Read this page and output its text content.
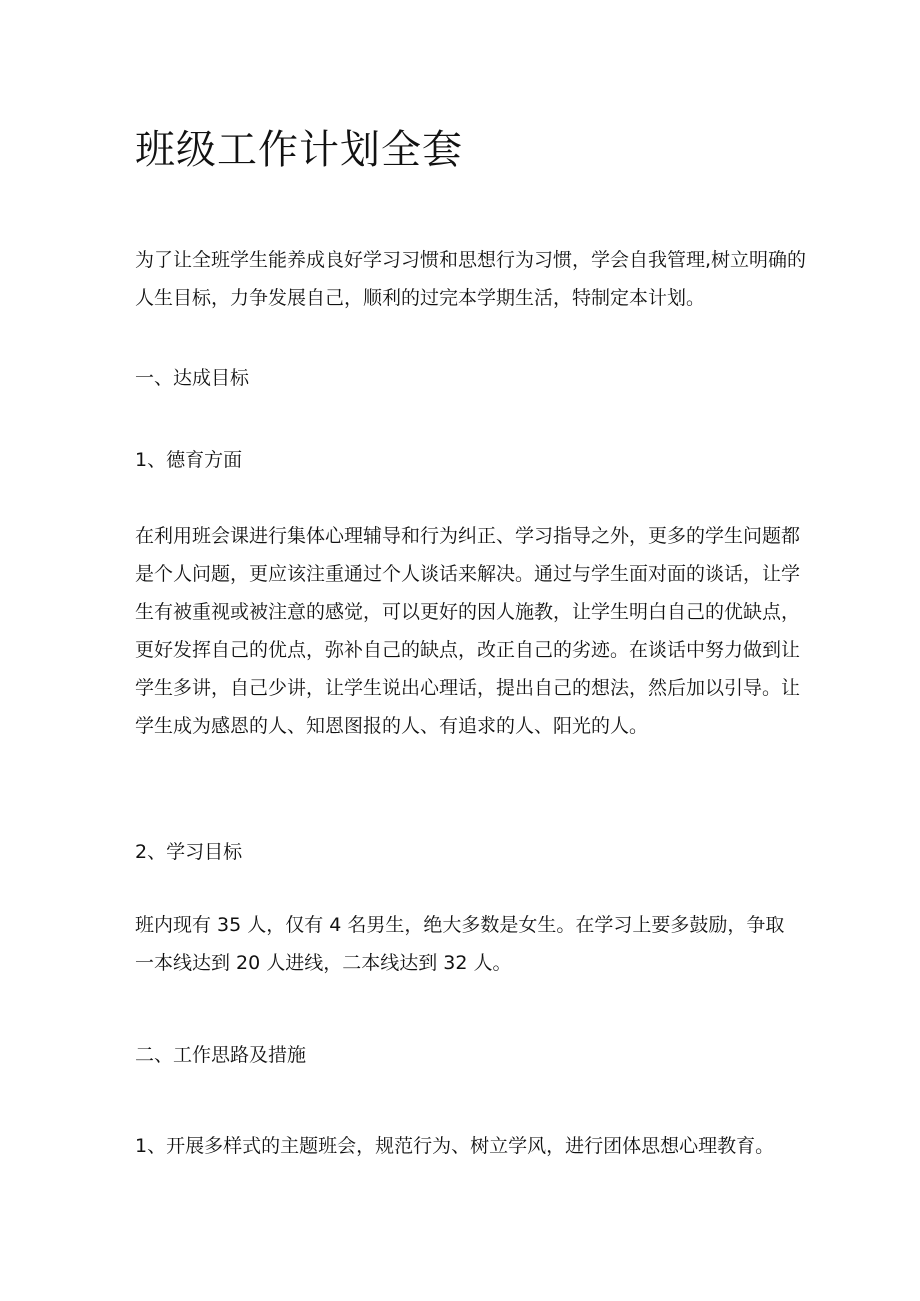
班级工作计划全套

为了让全班学生能养成良好学习习惯和思想行为习惯，学会自我管理,树立明确的
人生目标，力争发展自己，顺利的过完本学期生活，特制定本计划。

一、达成目标

1、德育方面

在利用班会课进行集体心理辅导和行为纠正、学习指导之外，更多的学生问题都
是个人问题，更应该注重通过个人谈话来解决。通过与学生面对面的谈话，让学
生有被重视或被注意的感觉，可以更好的因人施教，让学生明白自己的优缺点，
更好发挥自己的优点，弥补自己的缺点，改正自己的劣迹。在谈话中努力做到让
学生多讲，自己少讲，让学生说出心理话，提出自己的想法，然后加以引导。让
学生成为感恩的人、知恩图报的人、有追求的人、阳光的人。

2、学习目标

班内现有 35 人，仅有 4 名男生，绝大多数是女生。在学习上要多鼓励，争取
一本线达到 20 人进线，二本线达到 32 人。

二、工作思路及措施

1、开展多样式的主题班会，规范行为、树立学风，进行团体思想心理教育。
